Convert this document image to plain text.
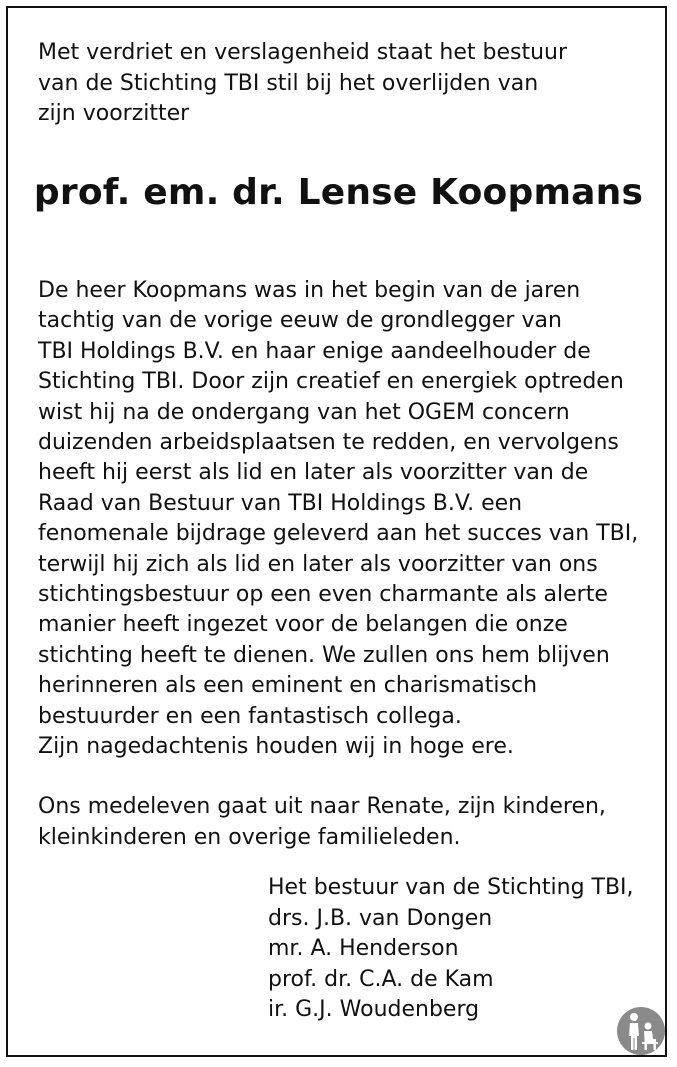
Met verdriet en verslagenheid staat het bestuur
van de Stichting TBI stil bij het overlijden van
zijn voorzitter
prof. em. dr. Lense Koopmans
De heer Koopmans was in het begin van de jaren
tachtig van de vorige eeuw de grondlegger van
TBI Holdings B.V. en haar enige aandeelhouder de
Stichting TBI. Door zijn creatief en energiek optreden
wist hij na de ondergang van het OGEM concern
duizenden arbeidsplaatsen te redden, en vervolgens
heeft hij eerst als lid en later als voorzitter van de
Raad van Bestuur van TBI Holdings B.V. een
fenomenale bijdrage geleverd aan het succes van TBI,
terwijl hij zich als lid en later als voorzitter van ons
stichtingsbestuur op een even charmante als alerte
manier heeft ingezet voor de belangen die onze
stichting heeft te dienen. We zullen ons hem blijven
herinneren als een eminent en charismatisch
bestuurder en een fantastisch collega.
Zijn nagedachtenis houden wij in hoge ere.
Ons medeleven gaat uit naar Renate, zijn kinderen,
kleinkinderen en overige familieleden.
Het bestuur van de Stichting TBI,
drs. J.B. van Dongen
mr. A. Henderson
prof. dr. C.A. de Kam
ir. G.J. Woudenberg
